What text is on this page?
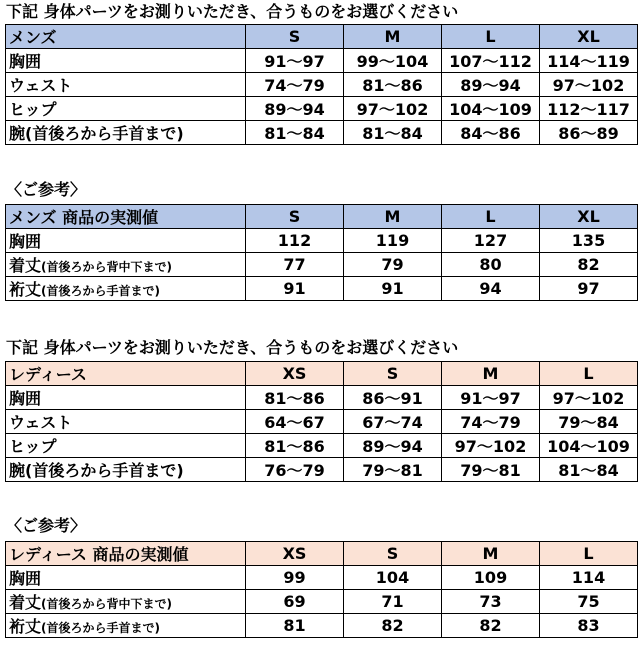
下記 身体パーツをお測りいただき、合うものをお選びください
メンズ	S	M	L	XL
胸囲	91〜97	99〜104	107〜112	114〜119
ウェスト	74〜79	81〜86	89〜94	97〜102
ヒップ	89〜94	97〜102	104〜109	112〜117
腕(首後ろから手首まで)	81〜84	81〜84	84〜86	86〜89
〈ご参考〉
メンズ 商品の実測値	S	M	L	XL
胸囲	112	119	127	135
着丈(首後ろから背中下まで)	77	79	80	82
裄丈(首後ろから手首まで)	91	91	94	97
下記 身体パーツをお測りいただき、合うものをお選びください
レディース	XS	S	M	L
胸囲	81〜86	86〜91	91〜97	97〜102
ウェスト	64〜67	67〜74	74〜79	79〜84
ヒップ	81〜86	89〜94	97〜102	104〜109
腕(首後ろから手首まで)	76〜79	79〜81	79〜81	81〜84
〈ご参考〉
レディース 商品の実測値	XS	S	M	L
胸囲	99	104	109	114
着丈(首後ろから背中下まで)	69	71	73	75
裄丈(首後ろから手首まで)	81	82	82	83
